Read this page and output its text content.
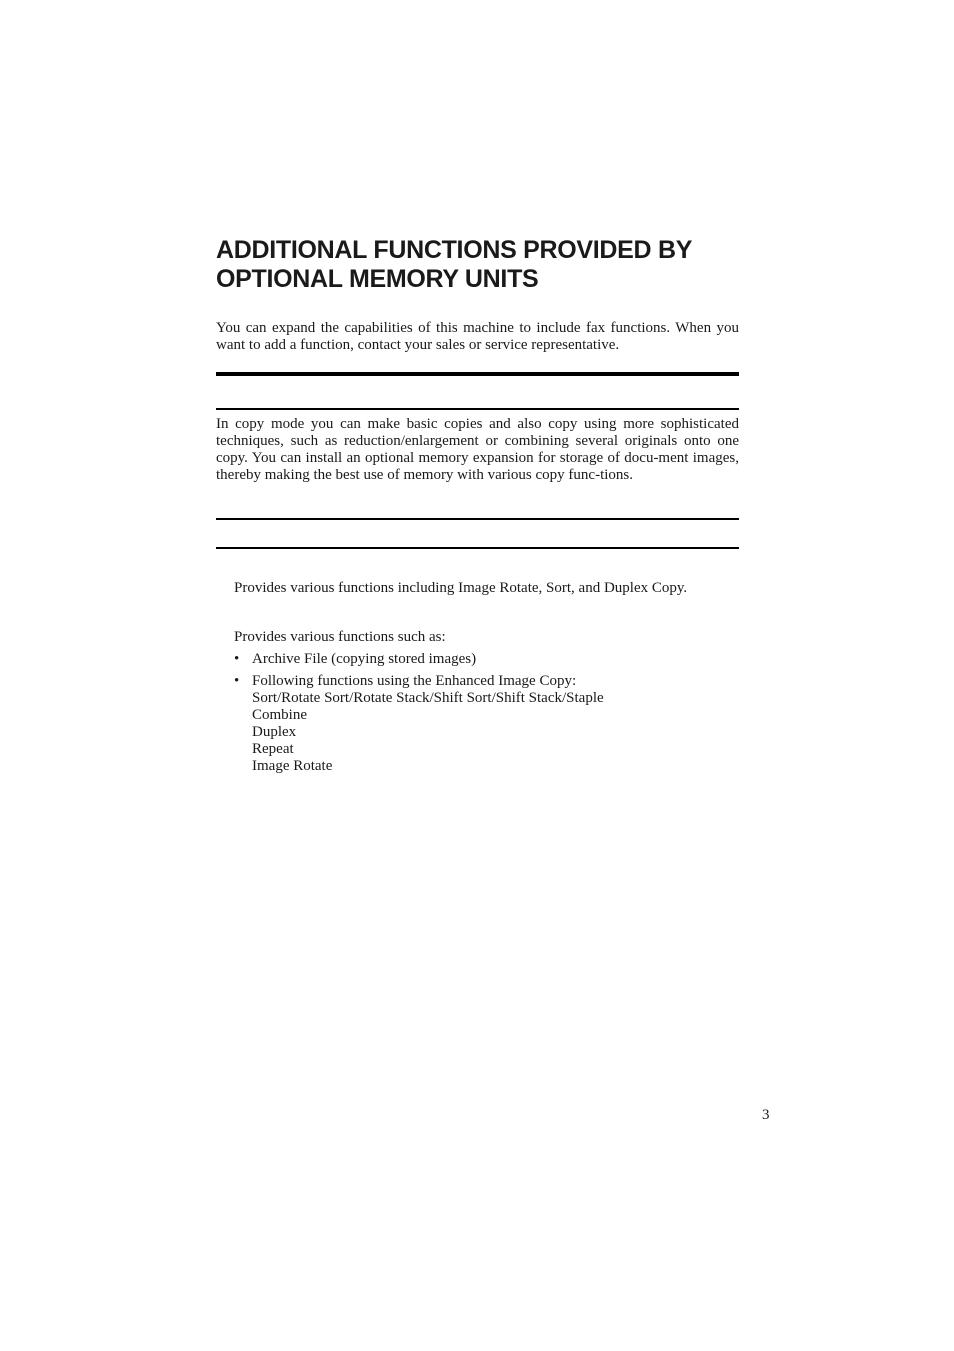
ADDITIONAL FUNCTIONS PROVIDED BY
OPTIONAL MEMORY UNITS

You can expand the capabilities of this machine to include fax functions. When you want to add a function, contact your sales or service representative.

In copy mode you can make basic copies and also copy using more sophisticated techniques, such as reduction/enlargement or combining several originals onto one copy. You can install an optional memory expansion for storage of docu-ment images, thereby making the best use of memory with various copy func-tions.

Provides various functions including Image Rotate, Sort, and Duplex Copy.

Provides various functions such as:

• Archive File (copying stored images)
• Following functions using the Enhanced Image Copy:
Sort/Rotate Sort/Rotate Stack/Shift Sort/Shift Stack/Staple
Combine
Duplex
Repeat
Image Rotate
3
